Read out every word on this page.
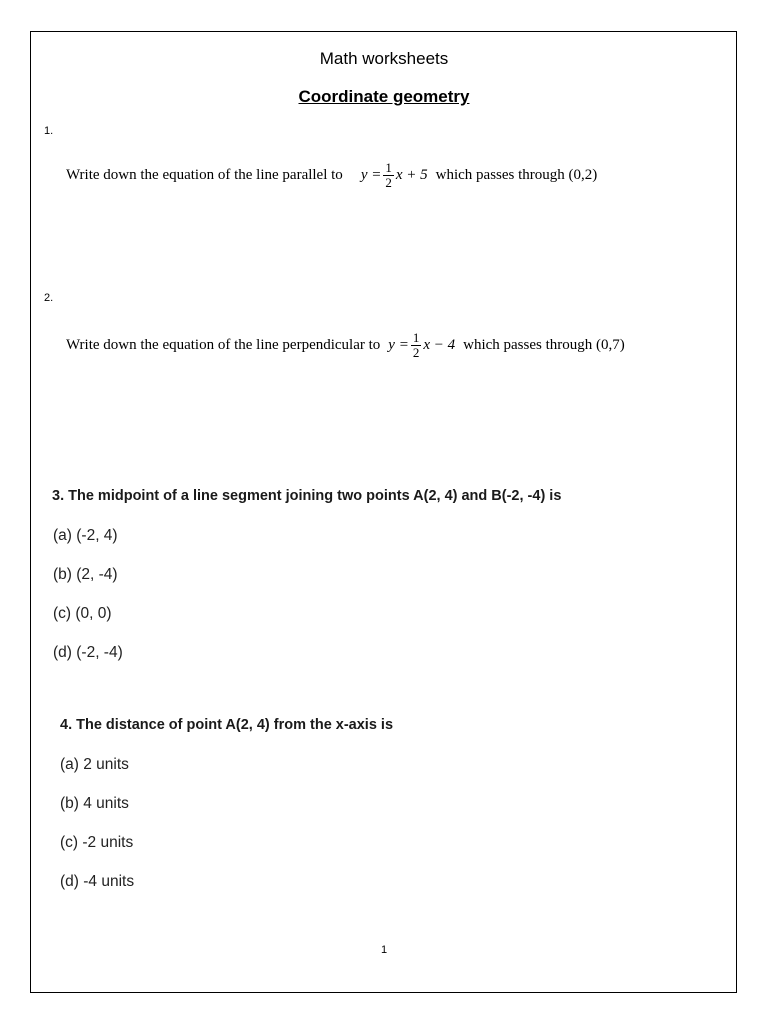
Math worksheets
Coordinate geometry
1.
Write down the equation of the line parallel to $y = \frac{1}{2}$ x + 5 which passes through (0,2)
2.
Write down the equation of the line perpendicular to $y = \frac{1}{2}$ x − 4 which passes through (0,7)
3. The midpoint of a line segment joining two points A(2, 4) and B(-2, -4) is
(a) (-2, 4)
(b) (2, -4)
(c) (0, 0)
(d) (-2, -4)
4. The distance of point A(2, 4) from the x-axis is
(a) 2 units
(b) 4 units
(c) -2 units
(d) -4 units
1
